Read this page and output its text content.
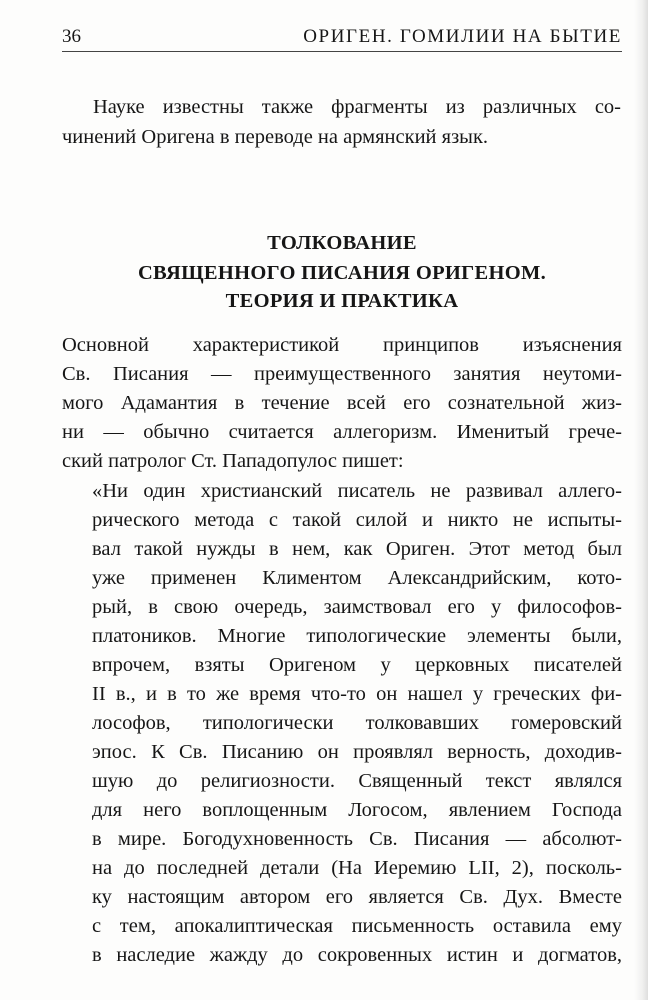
36	ОРИГЕН. ГОМИЛИИ НА БЫТИЕ
Науке известны также фрагменты из различных со-
чинений Оригена в переводе на армянский язык.
ТОЛКОВАНИЕ
СВЯЩЕННОГО ПИСАНИЯ ОРИГЕНОМ.
ТЕОРИЯ И ПРАКТИКА
Основной характеристикой принципов изъяснения
Св. Писания — преимущественного занятия неутоми-
мого Адамантия в течение всей его сознательной жиз-
ни — обычно считается аллегоризм. Именитый грече-
ский патролог Ст. Пападопулос пишет:
«Ни один христианский писатель не развивал аллего-
рического метода с такой силой и никто не испыты-
вал такой нужды в нем, как Ориген. Этот метод был
уже применен Климентом Александрийским, кото-
рый, в свою очередь, заимствовал его у философов-
платоников. Многие типологические элементы были,
впрочем, взяты Оригеном у церковных писателей
II в., и в то же время что-то он нашел у греческих фи-
лософов, типологически толковавших гомеровский
эпос. К Св. Писанию он проявлял верность, доходив-
шую до религиозности. Священный текст являлся
для него воплощенным Логосом, явлением Господа
в мире. Богодухновенность Св. Писания — абсолют-
на до последней детали (На Иеремию LII, 2), посколь-
ку настоящим автором его является Св. Дух. Вместе
с тем, апокалиптическая письменность оставила ему
в наследие жажду до сокровенных истин и догматов,
